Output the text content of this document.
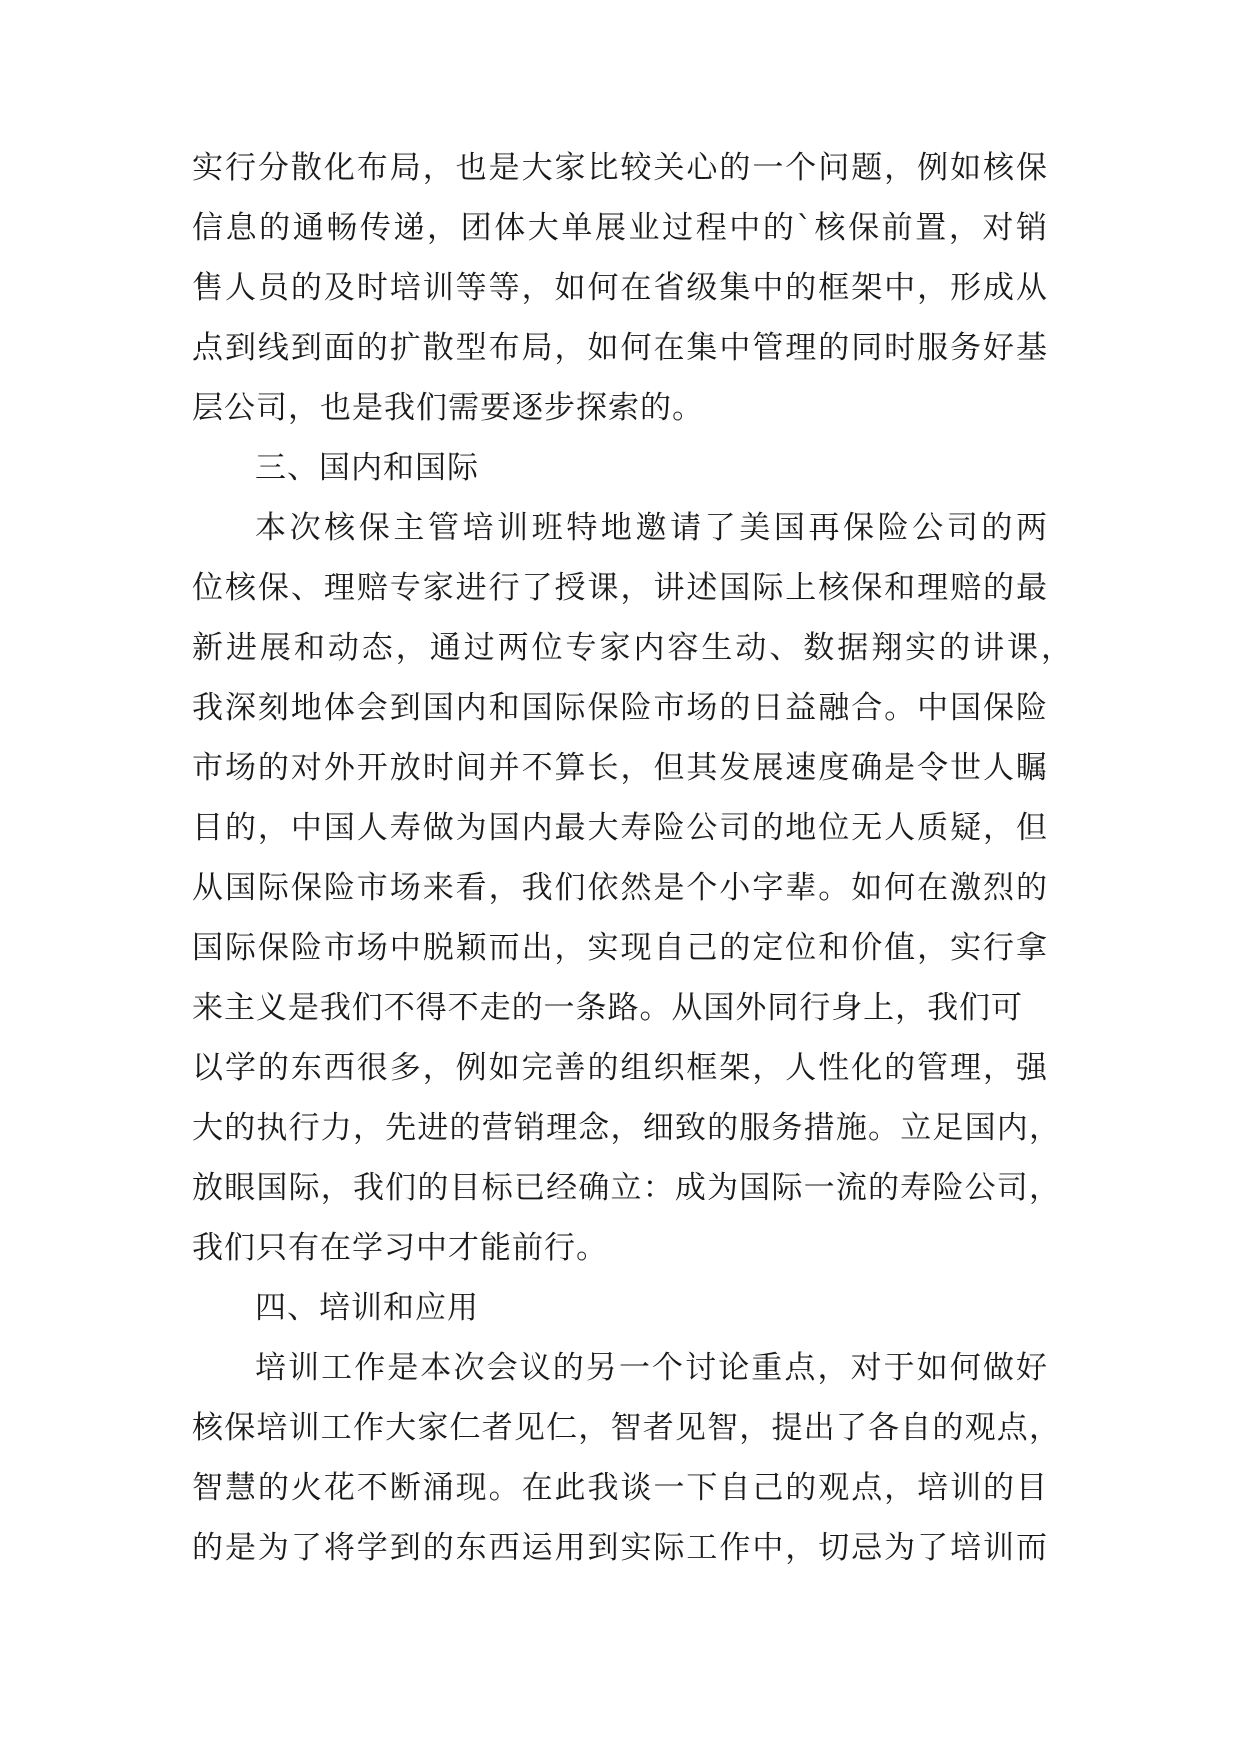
实行分散化布局，也是大家比较关心的一个问题，例如核保

信息的通畅传递，团体大单展业过程中的`核保前置，对销

售人员的及时培训等等，如何在省级集中的框架中，形成从

点到线到面的扩散型布局，如何在集中管理的同时服务好基

层公司，也是我们需要逐步探索的。

三、国内和国际

本次核保主管培训班特地邀请了美国再保险公司的两

位核保、理赔专家进行了授课，讲述国际上核保和理赔的最

新进展和动态，通过两位专家内容生动、数据翔实的讲课，

我深刻地体会到国内和国际保险市场的日益融合。中国保险

市场的对外开放时间并不算长，但其发展速度确是令世人瞩

目的，中国人寿做为国内最大寿险公司的地位无人质疑，但

从国际保险市场来看，我们依然是个小字辈。如何在激烈的

国际保险市场中脱颖而出，实现自己的定位和价值，实行拿

来主义是我们不得不走的一条路。从国外同行身上，我们可

以学的东西很多，例如完善的组织框架，人性化的管理，强

大的执行力，先进的营销理念，细致的服务措施。立足国内，

放眼国际，我们的目标已经确立：成为国际一流的寿险公司，

我们只有在学习中才能前行。

四、培训和应用

培训工作是本次会议的另一个讨论重点，对于如何做好

核保培训工作大家仁者见仁，智者见智，提出了各自的观点，

智慧的火花不断涌现。在此我谈一下自己的观点，培训的目

的是为了将学到的东西运用到实际工作中，切忌为了培训而
